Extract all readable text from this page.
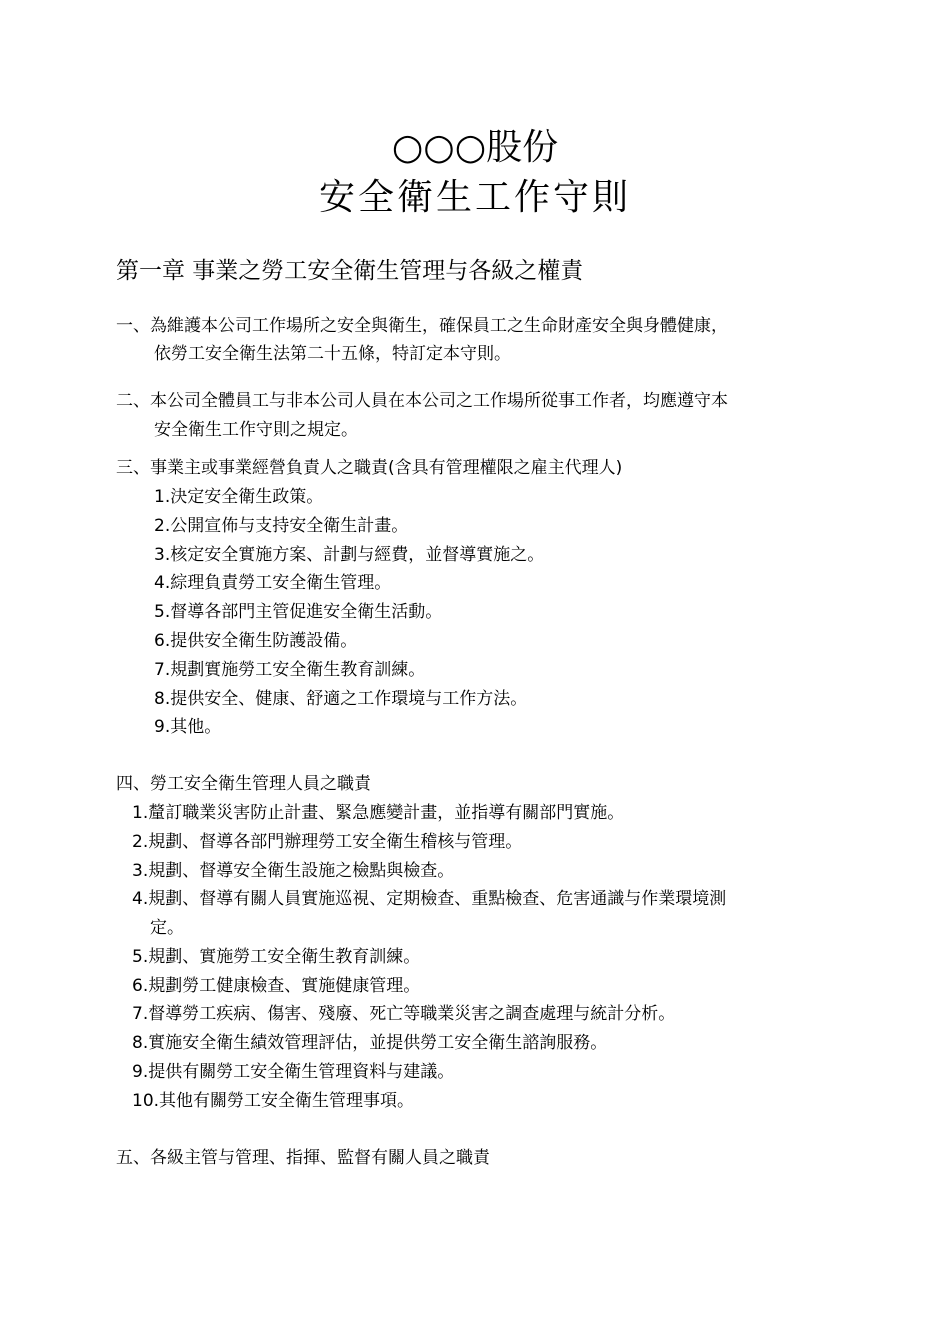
○○○股份
安全衛生工作守則
第一章 事業之勞工安全衛生管理与各級之權責
一、為維護本公司工作場所之安全與衛生，確保員工之生命財產安全與身體健康，
依勞工安全衛生法第二十五條，特訂定本守則。
二、本公司全體員工与非本公司人員在本公司之工作場所從事工作者，均應遵守本
安全衛生工作守則之規定。
三、事業主或事業經營負責人之職責(含具有管理權限之雇主代理人)
1.決定安全衛生政策。
2.公開宣佈与支持安全衛生計畫。
3.核定安全實施方案、計劃与經費，並督導實施之。
4.綜理負責勞工安全衛生管理。
5.督導各部門主管促進安全衛生活動。
6.提供安全衛生防護設備。
7.規劃實施勞工安全衛生教育訓練。
8.提供安全、健康、舒適之工作環境与工作方法。
9.其他。
四、勞工安全衛生管理人員之職責
1.釐訂職業災害防止計畫、緊急應變計畫，並指導有關部門實施。
2.規劃、督導各部門辦理勞工安全衛生稽核与管理。
3.規劃、督導安全衛生設施之檢點與檢查。
4.規劃、督導有關人員實施巡視、定期檢查、重點檢查、危害通識与作業環境測
定。
5.規劃、實施勞工安全衛生教育訓練。
6.規劃勞工健康檢查、實施健康管理。
7.督導勞工疾病、傷害、殘廢、死亡等職業災害之調查處理与統計分析。
8.實施安全衛生績效管理評估，並提供勞工安全衛生諮詢服務。
9.提供有關勞工安全衛生管理資料与建議。
10.其他有關勞工安全衛生管理事項。
五、各級主管与管理、指揮、監督有關人員之職責
